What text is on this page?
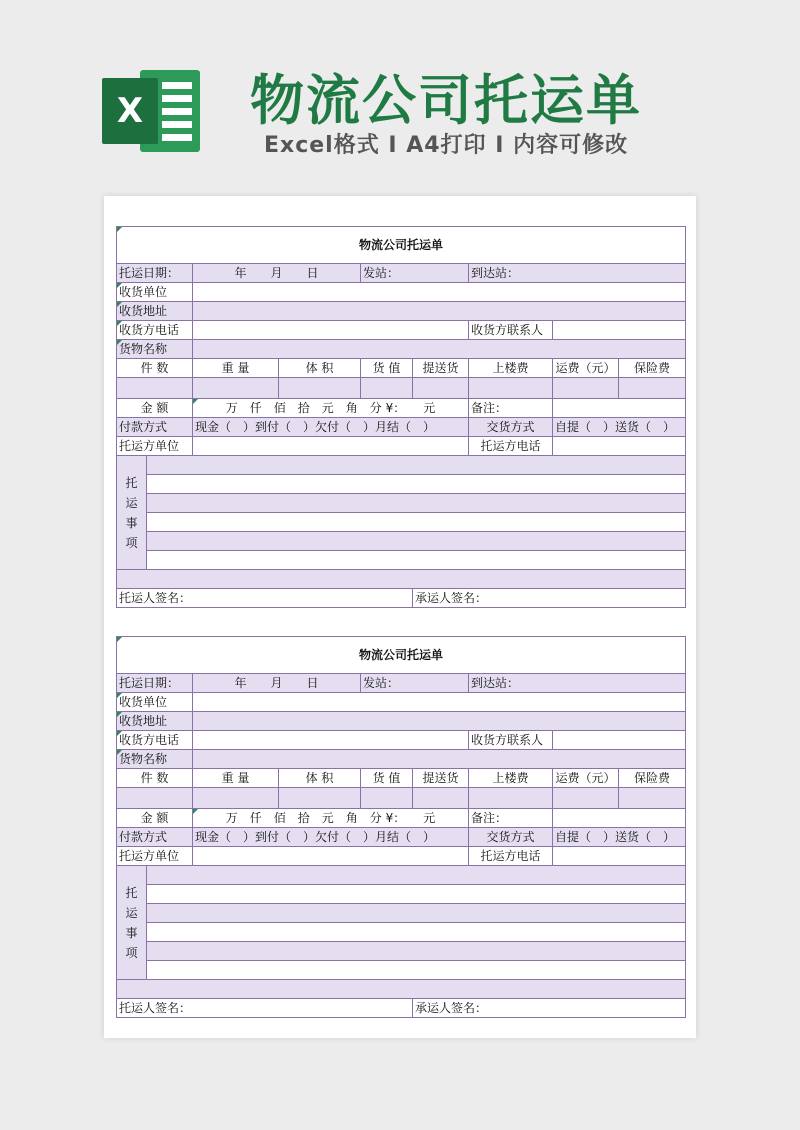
X 物流公司托运单
Excel格式 I A4打印 I 内容可修改
物流公司托运单								
托运日期：		年　　月　　日		发站：		到达站：		
收货单位								
收货地址								
收货方电话						收货方联系人		
货物名称								
件 数		重 量	体 积	货 值	提送货	上楼费	运费（元）	保险费

金 额		万　仟　佰　拾　元　角　分 ¥：　　元				备注：		
付款方式		现金（　）到付（　）欠付（　）月结（　）				交货方式	自提（　）送货（　）	
托运方单位						托运方电话		

托
运
事
项								

托运人签名：					承运人签名：			
物流公司托运单								
托运日期：		年　　月　　日		发站：		到达站：		
收货单位								
收货地址								
收货方电话						收货方联系人		
货物名称								
件 数		重 量	体 积	货 值	提送货	上楼费	运费（元）	保险费

金 额		万　仟　佰　拾　元　角　分 ¥：　　元				备注：		
付款方式		现金（　）到付（　）欠付（　）月结（　）				交货方式	自提（　）送货（　）	
托运方单位						托运方电话		

托
运
事
项								

托运人签名：					承运人签名：			
